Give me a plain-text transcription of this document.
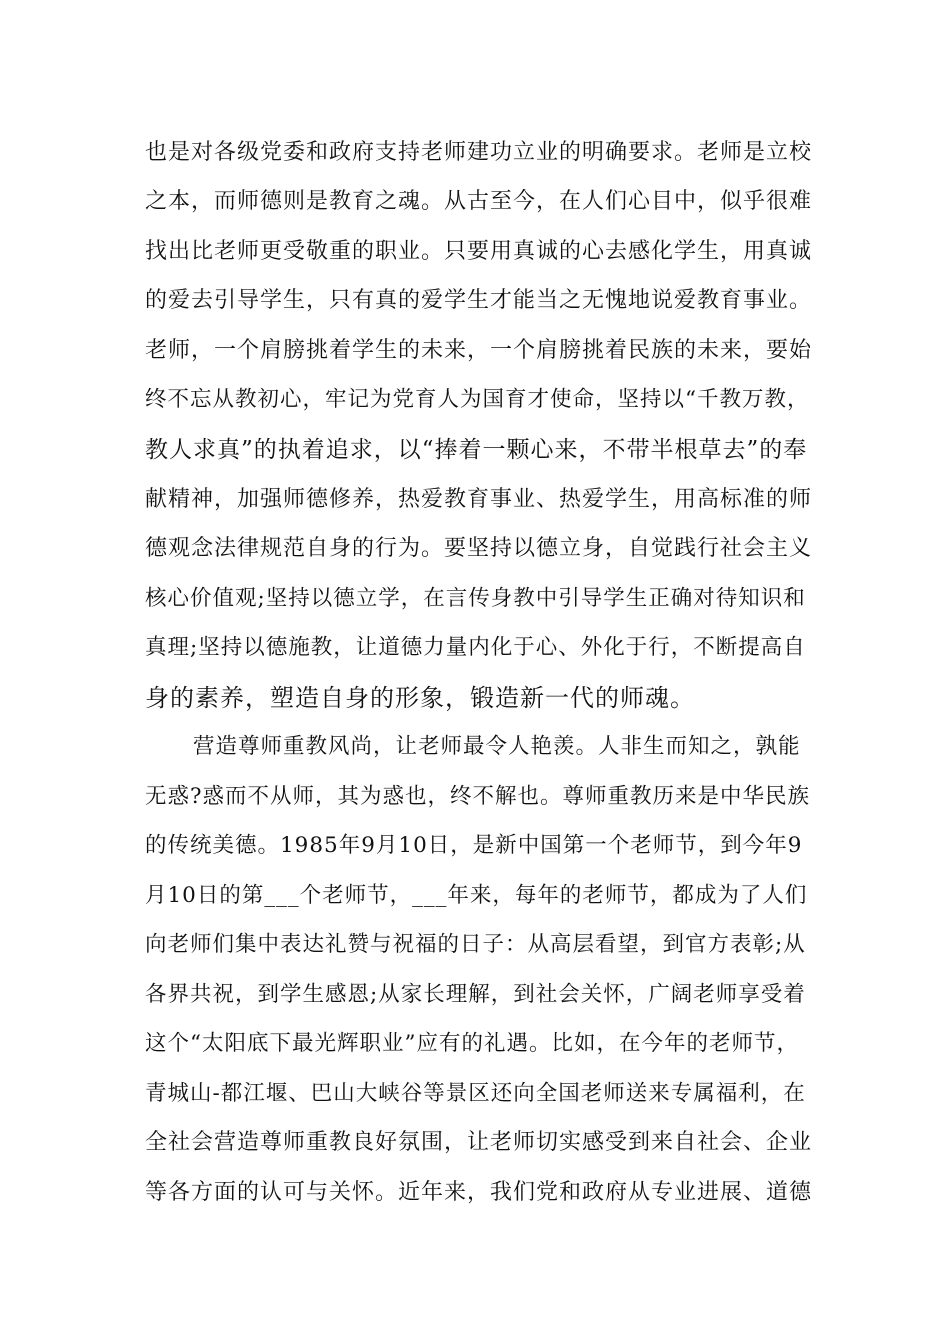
也是对各级党委和政府支持老师建功立业的明确要求。老师是立校
之本，而师德则是教育之魂。从古至今，在人们心目中，似乎很难
找出比老师更受敬重的职业。只要用真诚的心去感化学生，用真诚
的爱去引导学生，只有真的爱学生才能当之无愧地说爱教育事业。
老师，一个肩膀挑着学生的未来，一个肩膀挑着民族的未来，要始
终不忘从教初心，牢记为党育人为国育才使命，坚持以“千教万教，
教人求真”的执着追求，以“捧着一颗心来，不带半根草去”的奉
献精神，加强师德修养，热爱教育事业、热爱学生，用高标准的师
德观念法律规范自身的行为。要坚持以德立身，自觉践行社会主义
核心价值观;坚持以德立学，在言传身教中引导学生正确对待知识和
真理;坚持以德施教，让道德力量内化于心、外化于行，不断提高自
身的素养，塑造自身的形象，锻造新一代的师魂。
营造尊师重教风尚，让老师最令人艳羡。人非生而知之，孰能
无惑?惑而不从师，其为惑也，终不解也。尊师重教历来是中华民族
的传统美德。1985年9月10日，是新中国第一个老师节，到今年9
月10日的第___个老师节，___年来，每年的老师节，都成为了人们
向老师们集中表达礼赞与祝福的日子：从高层看望，到官方表彰;从
各界共祝，到学生感恩;从家长理解，到社会关怀，广阔老师享受着
这个“太阳底下最光辉职业”应有的礼遇。比如，在今年的老师节，
青城山-都江堰、巴山大峡谷等景区还向全国老师送来专属福利，在
全社会营造尊师重教良好氛围，让老师切实感受到来自社会、企业
等各方面的认可与关怀。近年来，我们党和政府从专业进展、道德
